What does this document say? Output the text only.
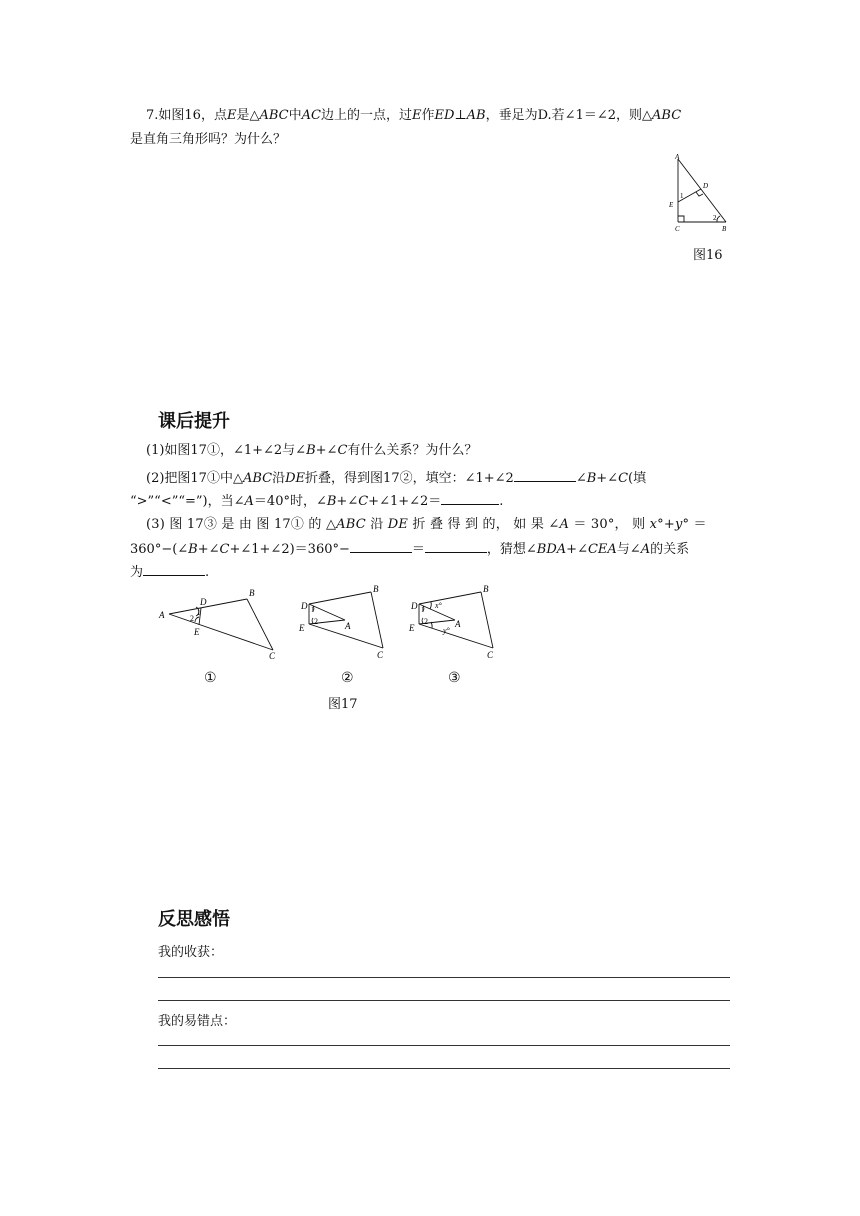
7.如图16，点E是△ABC中AC边上的一点，过E作ED⊥AB，垂足为D.若∠1＝∠2，则△ABC
是直角三角形吗？为什么？
A
D
E
C	B
1
2
图16
课后提升
(1)如图17①，∠1+∠2与∠B+∠C有什么关系？为什么？
(2)把图17①中△ABC沿DE折叠，得到图17②，填空：∠1+∠2	∠B+∠C(填
“>”“<”“=”)，当∠A＝40°时，∠B+∠C+∠1+∠2＝	.
(3) 图 17③ 是 由 图 17① 的 △ABC 沿 DE 折 叠 得 到 的， 如 果 ∠A ＝ 30°， 则 x°+y° ＝
360°−(∠B+∠C+∠1+∠2)＝360°−	＝	，猜想∠BDA+∠CEA与∠A的关系
为	.
A
B
C
D
E
1
2
D
E
B
C
A
1
2
D
E
B
C
A
1
2
x°
y°
①	②	③
图17
反思感悟
我的收获：
我的易错点：
